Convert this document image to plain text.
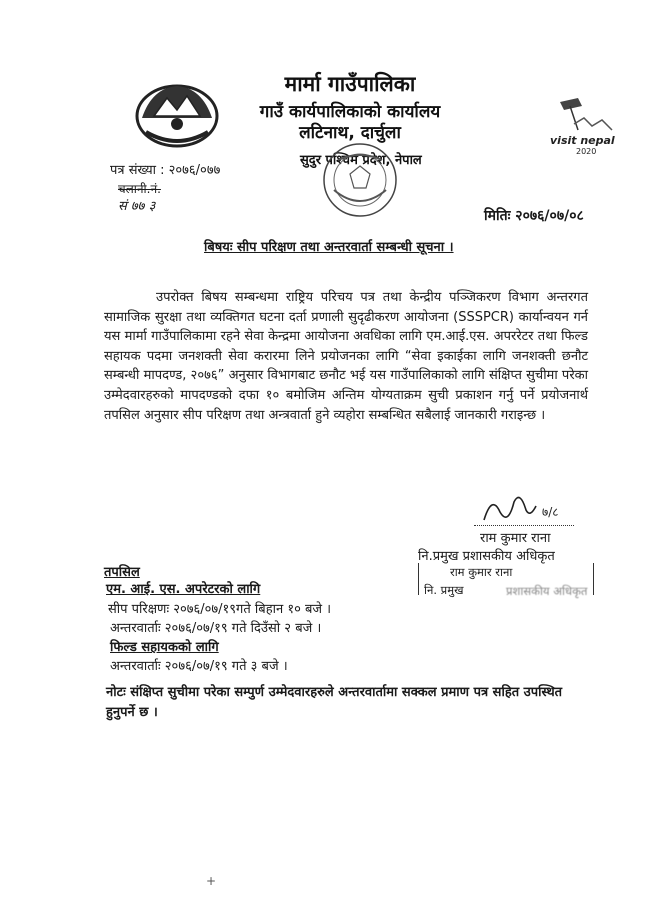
मार्मा गाउँपालिका
गाउँ कार्यपालिकाको कार्यालय
लटिनाथ, दार्चुला
सुदुर पश्चिम प्रदेश, नेपाल
visit nepal
2020
पत्र संख्या : २०७६/०७७
चलानी.नं.
सं ७७ ३
मितिः २०७६/०७/०८
बिषयः सीप परिक्षण तथा अन्तरवार्ता सम्बन्धी सूचना ।
उपरोक्त बिषय सम्बन्धमा राष्ट्रिय परिचय पत्र तथा केन्द्रीय पञ्जिकरण विभाग अन्तरगत सामाजिक सुरक्षा तथा व्यक्तिगत घटना दर्ता प्रणाली सुदृढीकरण आयोजना (SSSPCR) कार्यान्वयन गर्न यस मार्मा गाउँपालिकामा रहने सेवा केन्द्रमा आयोजना अवधिका लागि एम.आई.एस. अपररेटर तथा फिल्ड सहायक पदमा जनशक्ती सेवा करारमा लिने प्रयोजनका लागि “सेवा इकाईका लागि जनशक्ती छनौट सम्बन्धी मापदण्ड, २०७६” अनुसार विभागबाट छनौट भई यस गाउँपालिकाको लागि संक्षिप्त सुचीमा परेका उम्मेदवारहरुको मापदण्डको दफा १० बमोजिम अन्तिम योग्यताक्रम सुची प्रकाशन गर्नु पर्ने प्रयोजनार्थ तपसिल अनुसार सीप परिक्षण तथा अन्त्रवार्ता हुने व्यहोरा सम्बन्धित सबैलाई जानकारी गराइन्छ ।
७/८
राम कुमार राना
नि.प्रमुख प्रशासकीय अधिकृत
राम कुमार राना
नि. प्रमुख	प्रशासकीय अधिकृत
तपसिल
एम. आई. एस. अपरेटरको लागि
सीप परिक्षणः २०७६/०७/१९गते बिहान १० बजे ।
अन्तरवार्ताः २०७६/०७/१९ गते दिउँसो २ बजे ।
फिल्ड सहायकको लागि
अन्तरवार्ताः २०७६/०७/१९ गते ३ बजे ।
नोटः संक्षिप्त सुचीमा परेका सम्पुर्ण उम्मेदवारहरुले अन्तरवार्तामा सक्कल प्रमाण पत्र सहित उपस्थित हुनुपर्ने छ ।
+
